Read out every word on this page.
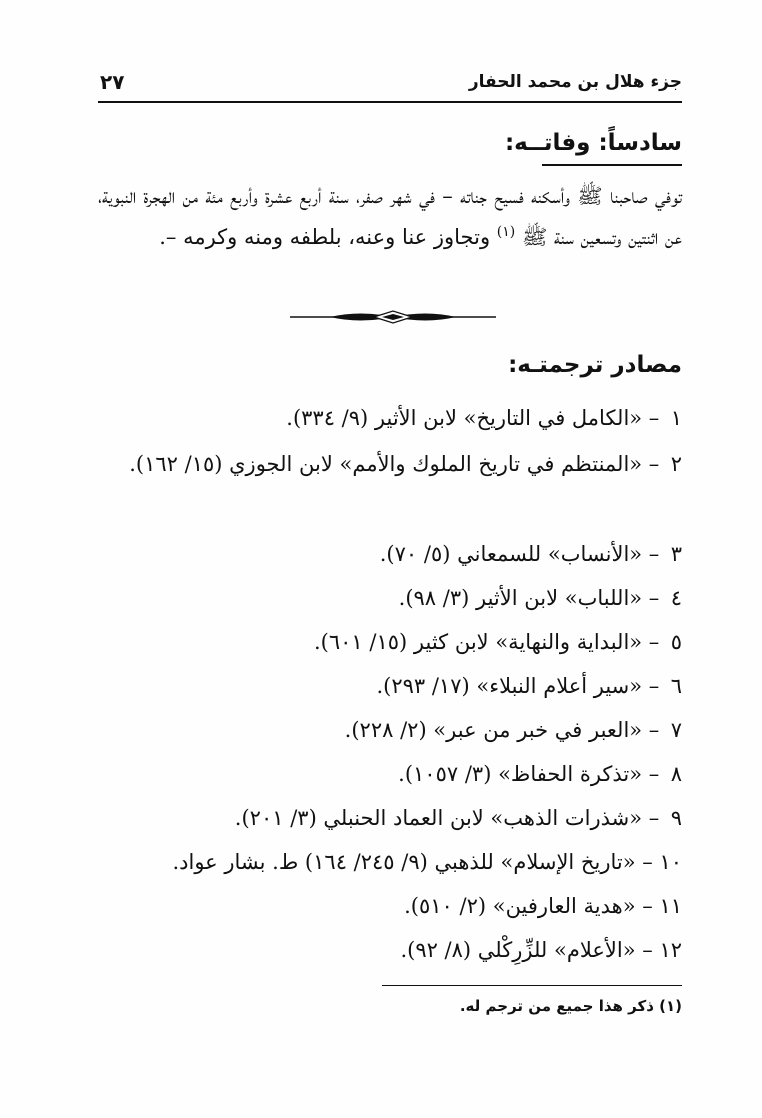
جزء هلال بن محمد الحفار
٢٧
سادساً: وفاتــه:
توفي صاحبنا ﷺ وأسكنه فسيح جناته – في شهر صفر، سنة أربع عشرة وأربع مئة من الهجرة النبوية، عن اثنتين وتسعين سنة ﷺ $^{(١)}$ وتجاوز عنا وعنه، بلطفه ومنه وكرمه –.
مصادر ترجمتـه:
١ – «الكامل في التاريخ» لابن الأثير (٩/ ٣٣٤).
٢ – «المنتظم في تاريخ الملوك والأمم» لابن الجوزي (١٥/ ١٦٢).
٣ – «الأنساب» للسمعاني (٥/ ٧٠).
٤ – «اللباب» لابن الأثير (٣/ ٩٨).
٥ – «البداية والنهاية» لابن كثير (١٥/ ٦٠١).
٦ – «سير أعلام النبلاء» (١٧/ ٢٩٣).
٧ – «العبر في خبر من عبر» (٢/ ٢٢٨).
٨ – «تذكرة الحفاظ» (٣/ ١٠٥٧).
٩ – «شذرات الذهب» لابن العماد الحنبلي (٣/ ٢٠١).
١٠ – «تاريخ الإسلام» للذهبي (٩/ ٢٤٥/ ١٦٤) ط. بشار عواد.
١١ – «هدية العارفين» (٢/ ٥١٠).
١٢ – «الأعلام» للزِّرِكْلي (٨/ ٩٢).
(١) ذكر هذا جميع من ترجم له.
